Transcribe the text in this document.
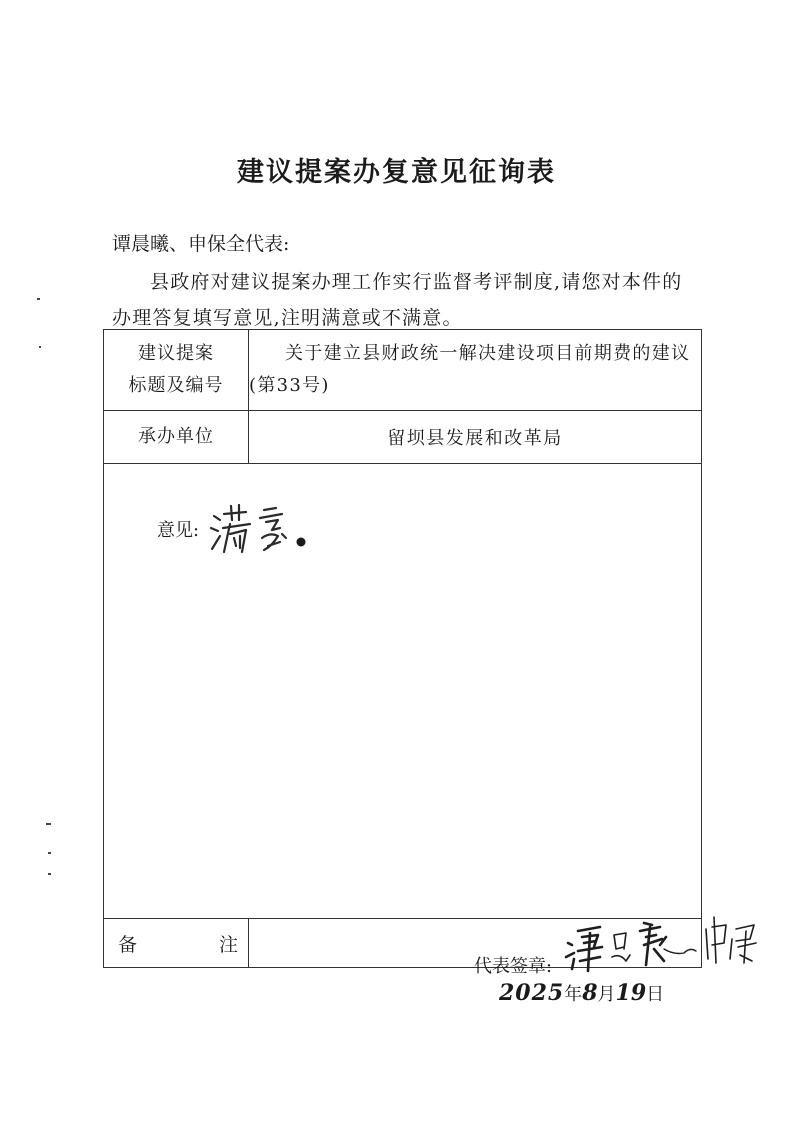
建议提案办复意见征询表
谭晨曦、申保全代表:
县政府对建议提案办理工作实行监督考评制度,请您对本件的办理答复填写意见,注明满意或不满意。
建议提案
标题及编号	关于建立县财政统一解决建设项目前期费的建议(第33号)
承办单位	留坝县发展和改革局

意见:
代表签章:
2025年8月19日	

备 注	
